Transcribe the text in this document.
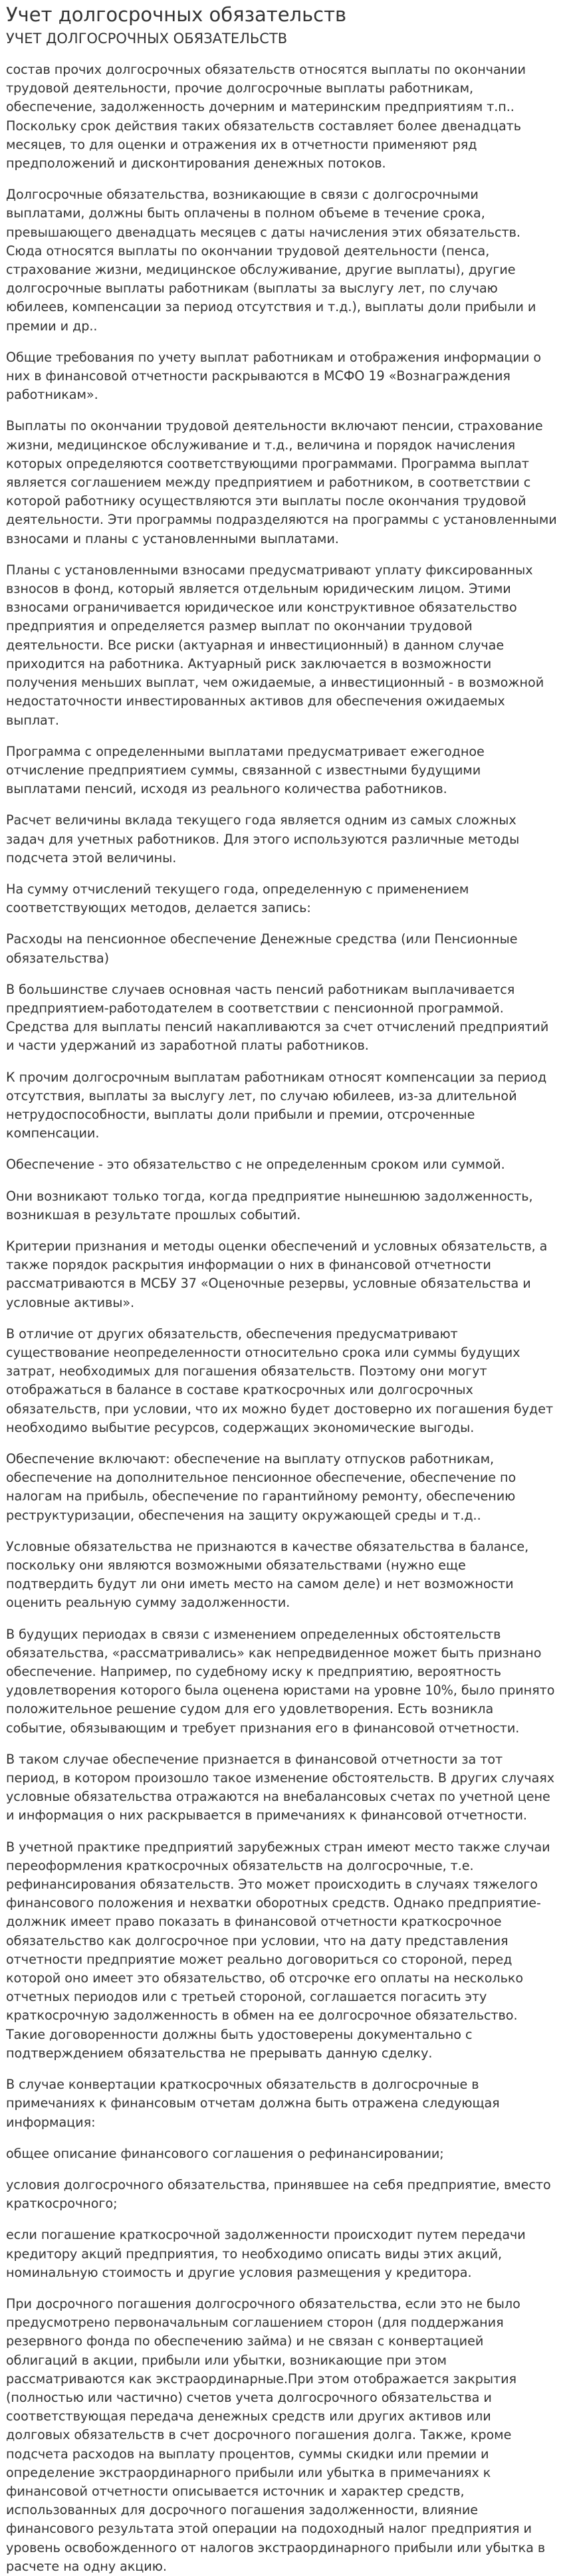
Учет долгосрочных обязательств
УЧЕТ ДОЛГОСРОЧНЫХ ОБЯЗАТЕЛЬСТВ

состав прочих долгосрочных обязательств относятся выплаты по окончании трудовой деятельности, прочие долгосрочные выплаты работникам, обеспечение, задолженность дочерним и материнским предприятиям т.п.. Поскольку срок действия таких обязательств составляет более двенадцать месяцев, то для оценки и отражения их в отчетности применяют ряд предположений и дисконтирования денежных потоков.

Долгосрочные обязательства, возникающие в связи с долгосрочными выплатами, должны быть оплачены в полном объеме в течение срока, превышающего двенадцать месяцев с даты начисления этих обязательств. Сюда относятся выплаты по окончании трудовой деятельности (пенса, страхование жизни, медицинское обслуживание, другие выплаты), другие долгосрочные выплаты работникам (выплаты за выслугу лет, по случаю юбилеев, компенсации за период отсутствия и т.д.), выплаты доли прибыли и премии и др..

Общие требования по учету выплат работникам и отображения информации о них в финансовой отчетности раскрываются в МСФО 19 «Вознаграждения работникам».

Выплаты по окончании трудовой деятельности включают пенсии, страхование жизни, медицинское обслуживание и т.д., величина и порядок начисления которых определяются соответствующими программами. Программа выплат является соглашением между предприятием и работником, в соответствии с которой работнику осуществляются эти выплаты после окончания трудовой деятельности. Эти программы подразделяются на программы с установленными взносами и планы с установленными выплатами.

Планы с установленными взносами предусматривают уплату фиксированных взносов в фонд, который является отдельным юридическим лицом. Этими взносами ограничивается юридическое или конструктивное обязательство предприятия и определяется размер выплат по окончании трудовой деятельности. Все риски (актуарная и инвестиционный) в данном случае приходится на работника. Актуарный риск заключается в возможности получения меньших выплат, чем ожидаемые, а инвестиционный - в возможной недостаточности инвестированных активов для обеспечения ожидаемых выплат.

Программа с определенными выплатами предусматривает ежегодное отчисление предприятием суммы, связанной с известными будущими выплатами пенсий, исходя из реального количества работников.

Расчет величины вклада текущего года является одним из самых сложных задач для учетных работников. Для этого используются различные методы подсчета этой величины.

На сумму отчислений текущего года, определенную с применением соответствующих методов, делается запись:

Расходы на пенсионное обеспечение Денежные средства (или Пенсионные обязательства)

В большинстве случаев основная часть пенсий работникам выплачивается предприятием-работодателем в соответствии с пенсионной программой. Средства для выплаты пенсий накапливаются за счет отчислений предприятий и части удержаний из заработной платы работников.

К прочим долгосрочным выплатам работникам относят компенсации за период отсутствия, выплаты за выслугу лет, по случаю юбилеев, из-за длительной нетрудоспособности, выплаты доли прибыли и премии, отсроченные компенсации.

Обеспечение - это обязательство с не определенным сроком или суммой.

Они возникают только тогда, когда предприятие нынешнюю задолженность, возникшая в результате прошлых событий.

Критерии признания и методы оценки обеспечений и условных обязательств, а также порядок раскрытия информации о них в финансовой отчетности рассматриваются в МСБУ 37 «Оценочные резервы, условные обязательства и условные активы».

В отличие от других обязательств, обеспечения предусматривают существование неопределенности относительно срока или суммы будущих затрат, необходимых для погашения обязательств. Поэтому они могут отображаться в балансе в составе краткосрочных или долгосрочных обязательств, при условии, что их можно будет достоверно их погашения будет необходимо выбытие ресурсов, содержащих экономические выгоды.

Обеспечение включают: обеспечение на выплату отпусков работникам, обеспечение на дополнительное пенсионное обеспечение, обеспечение по налогам на прибыль, обеспечение по гарантийному ремонту, обеспечению реструктуризации, обеспечения на защиту окружающей среды и т.д..

Условные обязательства не признаются в качестве обязательства в балансе, поскольку они являются возможными обязательствами (нужно еще подтвердить будут ли они иметь место на самом деле) и нет возможности оценить реальную сумму задолженности.

В будущих периодах в связи с изменением определенных обстоятельств обязательства, «рассматривались» как непредвиденное может быть признано обеспечение. Например, по судебному иску к предприятию, вероятность удовлетворения которого была оценена юристами на уровне 10%, было принято положительное решение судом для его удовлетворения. Есть возникла событие, обязывающим и требует признания его в финансовой отчетности.

В таком случае обеспечение признается в финансовой отчетности за тот период, в котором произошло такое изменение обстоятельств. В других случаях условные обязательства отражаются на внебалансовых счетах по учетной цене и информация о них раскрывается в примечаниях к финансовой отчетности.

В учетной практике предприятий зарубежных стран имеют место также случаи переоформления краткосрочных обязательств на долгосрочные, т.е. рефинансирования обязательств. Это может происходить в случаях тяжелого финансового положения и нехватки оборотных средств. Однако предприятие-должник имеет право показать в финансовой отчетности краткосрочное обязательство как долгосрочное при условии, что на дату представления отчетности предприятие может реально договориться со стороной, перед которой оно имеет это обязательство, об отсрочке его оплаты на несколько отчетных периодов или с третьей стороной, соглашается погасить эту краткосрочную задолженность в обмен на ее долгосрочное обязательство. Такие договоренности должны быть удостоверены документально с подтверждением обязательства не прерывать данную сделку.

В случае конвертации краткосрочных обязательств в долгосрочные в примечаниях к финансовым отчетам должна быть отражена следующая информация:

общее описание финансового соглашения о рефинансировании;

условия долгосрочного обязательства, принявшее на себя предприятие, вместо краткосрочного;

если погашение краткосрочной задолженности происходит путем передачи кредитору акций предприятия, то необходимо описать виды этих акций, номинальную стоимость и другие условия размещения у кредитора.

При досрочного погашения долгосрочного обязательства, если это не было предусмотрено первоначальным соглашением сторон (для поддержания резервного фонда по обеспечению займа) и не связан с конвертацией облигаций в акции, прибыли или убытки, возникающие при этом рассматриваются как экстраординарные.При этом отображается закрытия (полностью или частично) счетов учета долгосрочного обязательства и соответствующая передача денежных средств или других активов или долговых обязательств в счет досрочного погашения долга. Также, кроме подсчета расходов на выплату процентов, суммы скидки или премии и определение экстраординарного прибыли или убытка в примечаниях к финансовой отчетности описывается источник и характер средств, использованных для досрочного погашения задолженности, влияние финансового результата этой операции на подоходный налог предприятия и уровень освобожденного от налогов экстраординарного прибыли или убытка в расчете на одну акцию.
